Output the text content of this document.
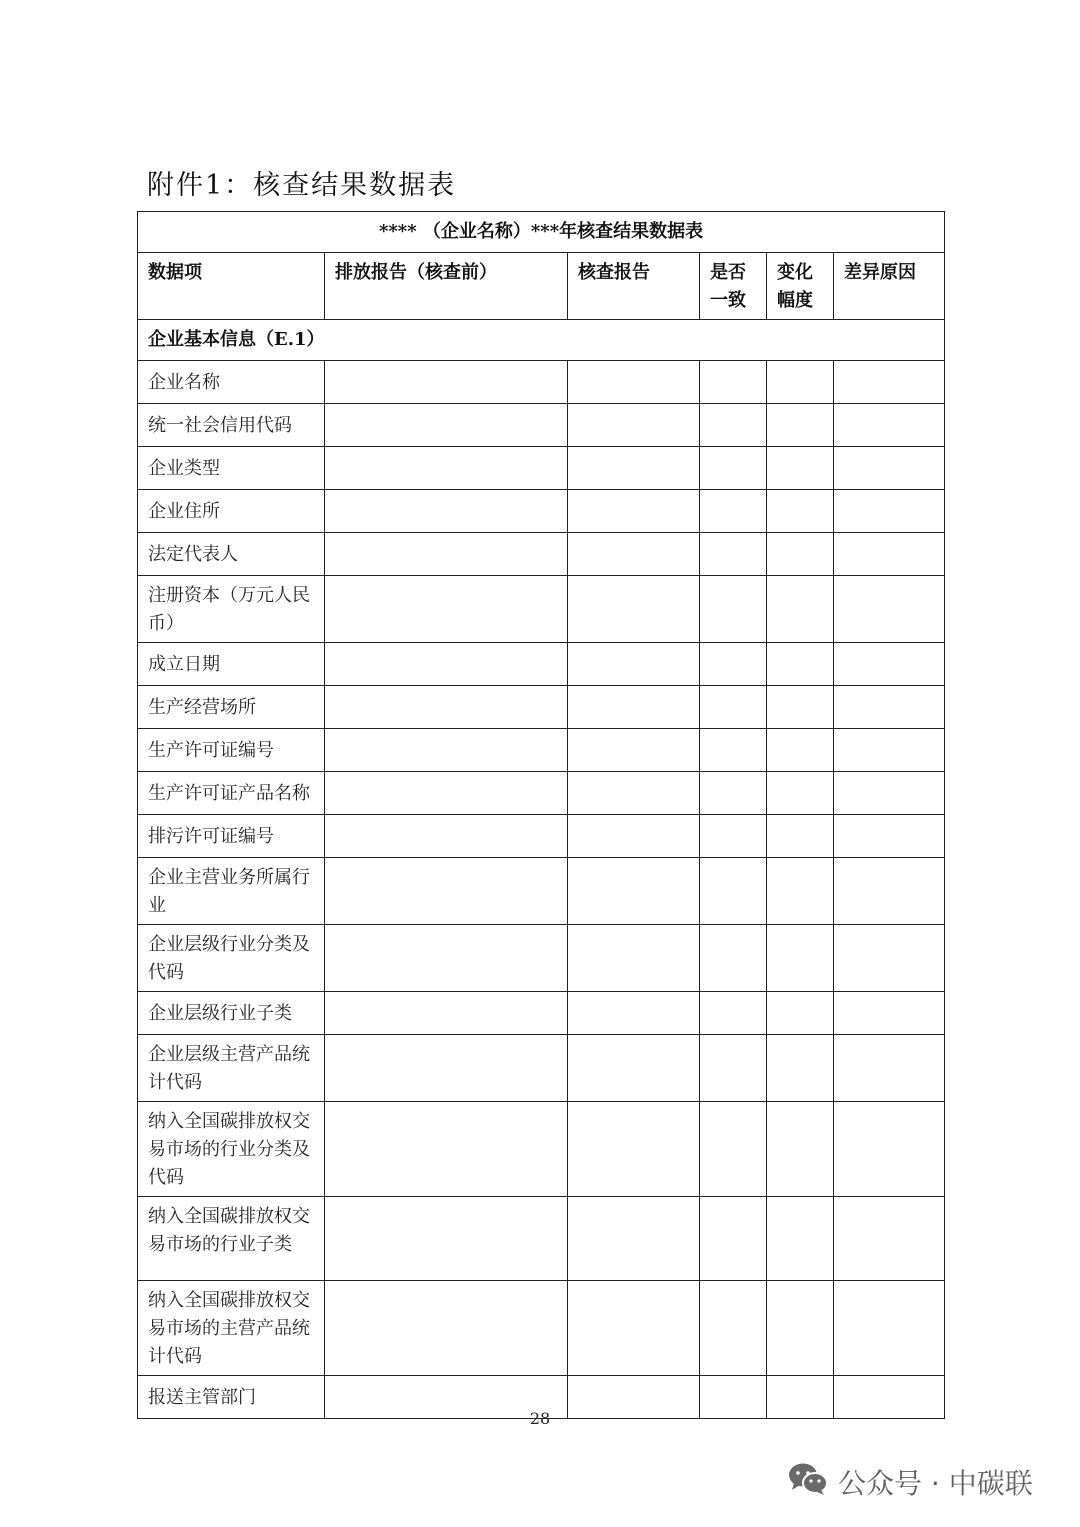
附件1：核查结果数据表
**** （企业名称）***年核查结果数据表					
数据项	排放报告（核查前）	核查报告	是否一致	变化幅度	差异原因
企业基本信息（E.1）					
企业名称					
统一社会信用代码					
企业类型					
企业住所					
法定代表人					
注册资本（万元人民币）					
成立日期					
生产经营场所					
生产许可证编号					
生产许可证产品名称					
排污许可证编号					
企业主营业务所属行业					
企业层级行业分类及代码					
企业层级行业子类					
企业层级主营产品统计代码					
纳入全国碳排放权交易市场的行业分类及代码					
纳入全国碳排放权交易市场的行业子类					
纳入全国碳排放权交易市场的主营产品统计代码					
报送主管部门					
28
公众号 · 中碳联
